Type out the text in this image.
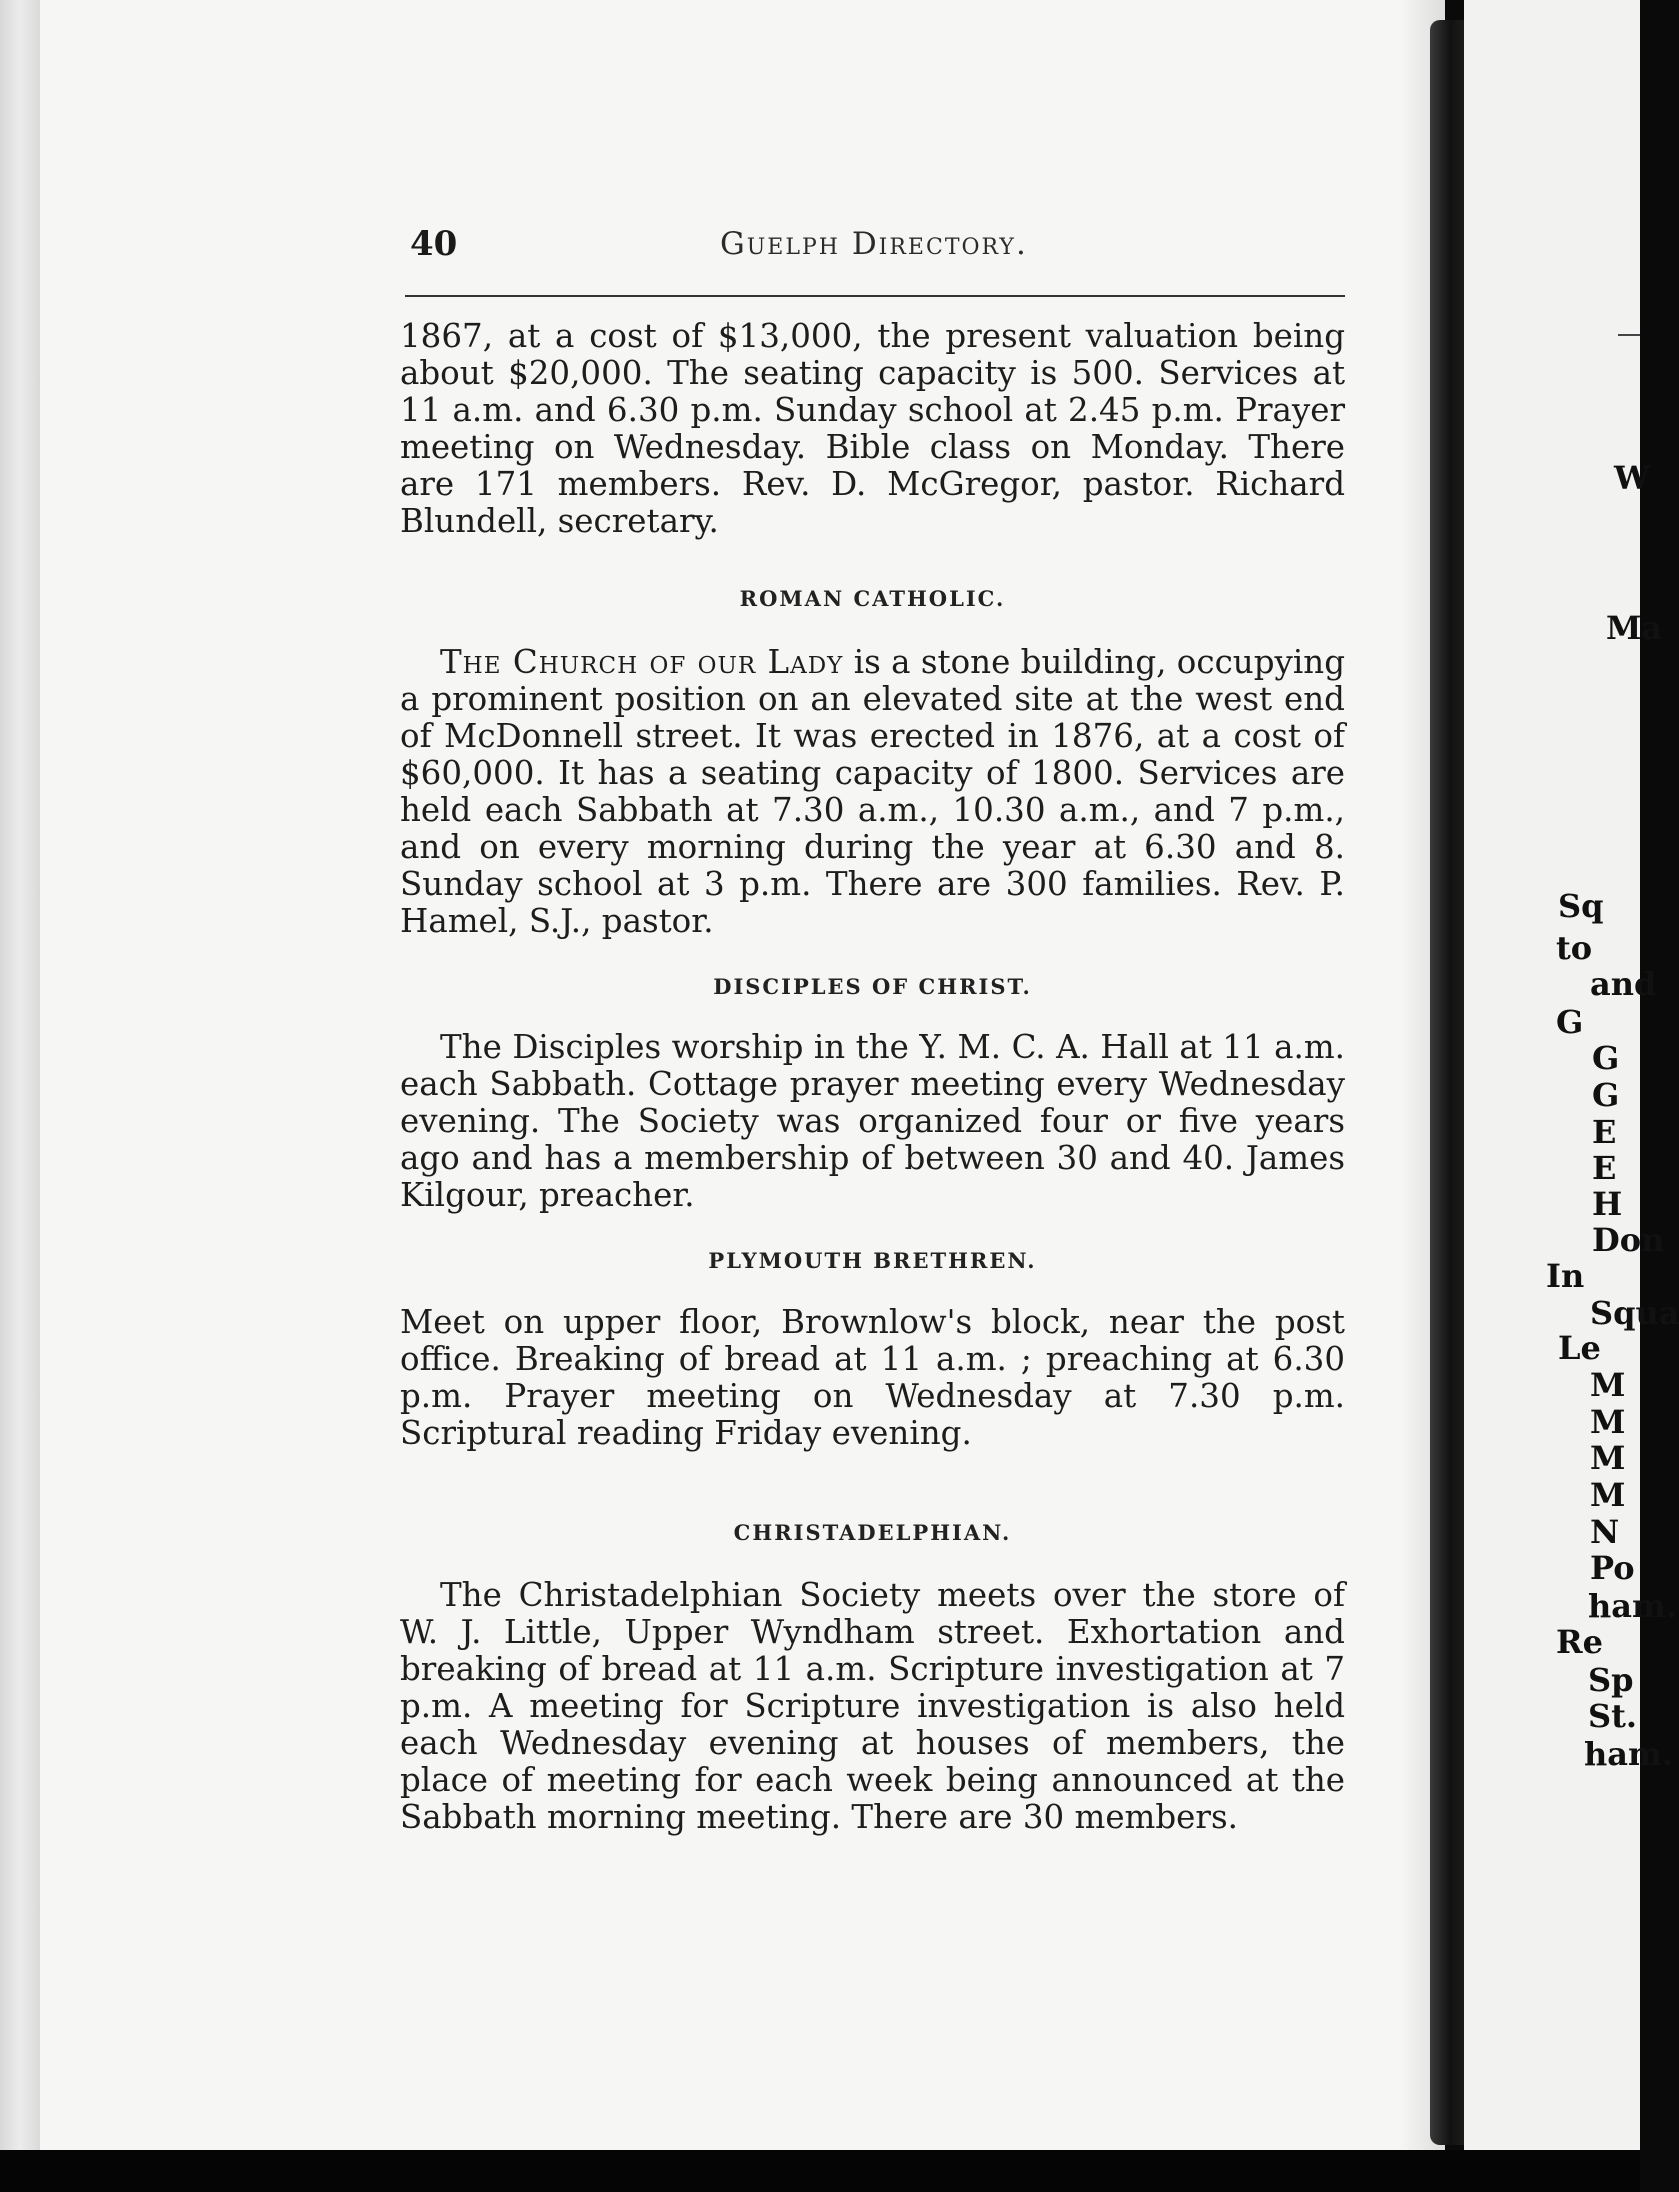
40	Guelph Directory.

1867, at a cost of $13,000, the present valuation being about $20,000. The seating capacity is 500. Services at 11 a.m. and 6.30 p.m. Sunday school at 2.45 p.m. Prayer meeting on Wednesday. Bible class on Monday. There are 171 members. Rev. D. McGregor, pastor. Richard Blundell, secretary.

ROMAN CATHOLIC.

The Church of our Lady is a stone building, occupying a prominent position on an elevated site at the west end of McDonnell street. It was erected in 1876, at a cost of $60,000. It has a seating capacity of 1800. Services are held each Sabbath at 7.30 a.m., 10.30 a.m., and 7 p.m., and on every morning during the year at 6.30 and 8. Sunday school at 3 p.m. There are 300 families. Rev. P. Hamel, S.J., pastor.

DISCIPLES OF CHRIST.

The Disciples worship in the Y. M. C. A. Hall at 11 a.m. each Sabbath. Cottage prayer meeting every Wednesday evening. The Society was organized four or five years ago and has a membership of between 30 and 40. James Kilgour, preacher.

PLYMOUTH BRETHREN.

Meet on upper floor, Brownlow's block, near the post office. Breaking of bread at 11 a.m. ; preaching at 6.30 p.m. Prayer meeting on Wednesday at 7.30 p.m. Scriptural reading Friday evening.

CHRISTADELPHIAN.

The Christadelphian Society meets over the store of W. J. Little, Upper Wyndham street. Exhortation and breaking of bread at 11 a.m. Scripture investigation at 7 p.m. A meeting for Scripture investigation is also held each Wednesday evening at houses of members, the place of meeting for each week being announced at the Sabbath morning meeting. There are 30 members.

W
Ma
Sq
to
and
G
G
G
E
E
H
Don
In
Squa
Le
M
M
M
M
N
Po
ham.
Re
Sp
St.
ham.
